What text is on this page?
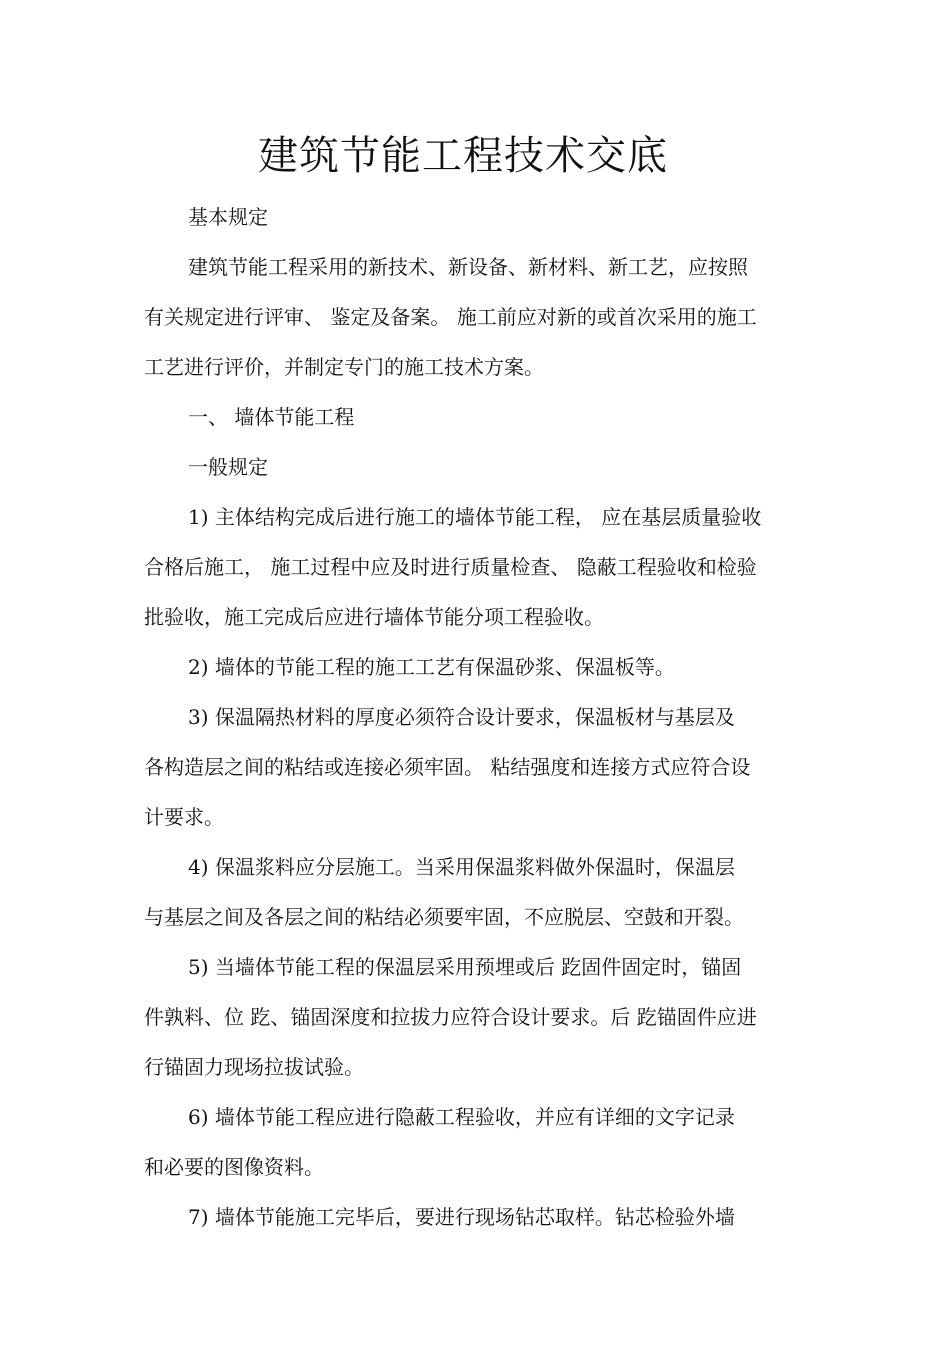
建筑节能工程技术交底

基本规定

建筑节能工程采用的新技术、新设备、新材料、新工艺，应按照

有关规定进行评审、 鉴定及备案。 施工前应对新的或首次采用的施工

工艺进行评价，并制定专门的施工技术方案。

一、 墙体节能工程

一般规定

1) 主体结构完成后进行施工的墙体节能工程， 应在基层质量验收

合格后施工， 施工过程中应及时进行质量检查、 隐蔽工程验收和检验

批验收，施工完成后应进行墙体节能分项工程验收。

2) 墙体的节能工程的施工工艺有保温砂浆、保温板等。

3) 保温隔热材料的厚度必须符合设计要求，保温板材与基层及

各构造层之间的粘结或连接必须牢固。 粘结强度和连接方式应符合设

计要求。

4) 保温浆料应分层施工。当采用保温浆料做外保温时，保温层

与基层之间及各层之间的粘结必须要牢固，不应脱层、空鼓和开裂。

5) 当墙体节能工程的保温层采用预埋或后 趷固件固定时，锚固

件孰料、位 趷、锚固深度和拉拔力应符合设计要求。后 趷锚固件应进

行锚固力现场拉拔试验。

6) 墙体节能工程应进行隐蔽工程验收，并应有详细的文字记录

和必要的图像资料。

7) 墙体节能施工完毕后，要进行现场钻芯取样。钻芯检验外墙
